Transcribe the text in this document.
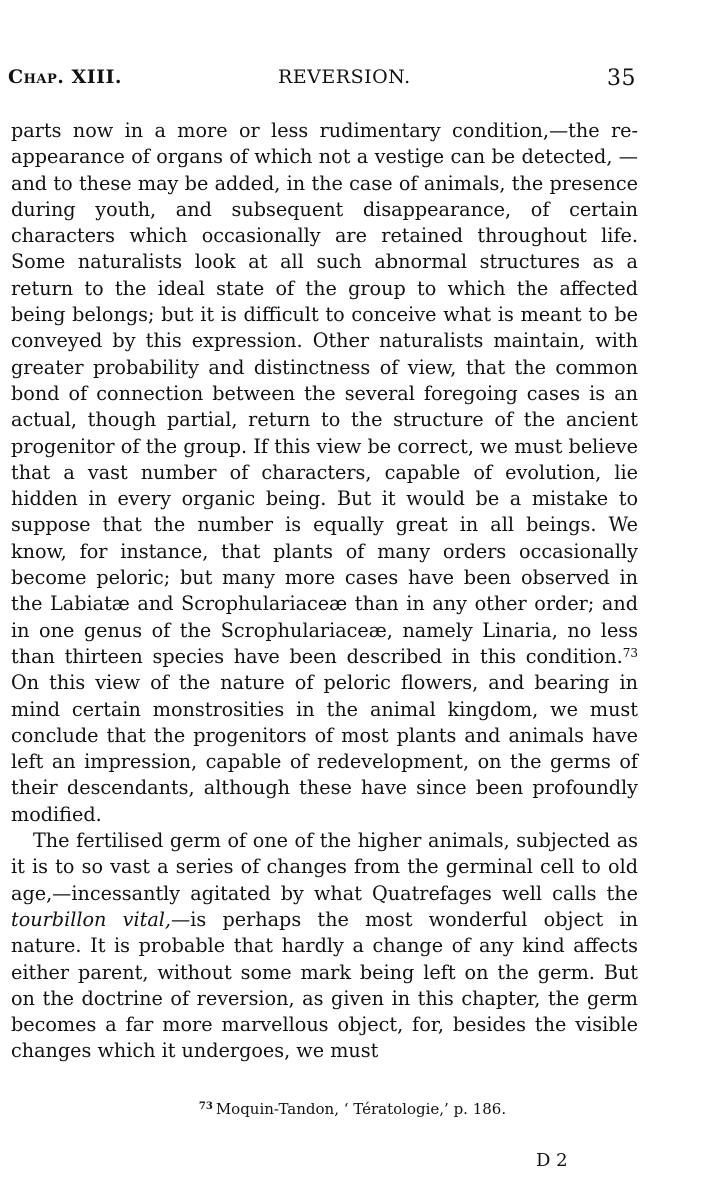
Chap. XIII.	REVERSION.	35

parts now in a more or less rudimentary condition,—the re-appearance of organs of which not a vestige can be detected, —and to these may be added, in the case of animals, the presence during youth, and subsequent disappearance, of certain characters which occasionally are retained throughout life. Some naturalists look at all such abnormal structures as a return to the ideal state of the group to which the affected being belongs; but it is difficult to conceive what is meant to be conveyed by this expression. Other naturalists maintain, with greater probability and distinctness of view, that the common bond of connection between the several foregoing cases is an actual, though partial, return to the structure of the ancient progenitor of the group. If this view be correct, we must believe that a vast number of characters, capable of evolution, lie hidden in every organic being. But it would be a mistake to suppose that the number is equally great in all beings. We know, for instance, that plants of many orders occasionally become peloric; but many more cases have been observed in the Labiatæ and Scrophulariaceæ than in any other order; and in one genus of the Scrophulariaceæ, namely Linaria, no less than thirteen species have been described in this condition.$^{73}$ On this view of the nature of peloric flowers, and bearing in mind certain monstrosities in the animal kingdom, we must conclude that the progenitors of most plants and animals have left an impression, capable of redevelopment, on the germs of their descendants, although these have since been profoundly modified.

The fertilised germ of one of the higher animals, subjected as it is to so vast a series of changes from the germinal cell to old age,—incessantly agitated by what Quatrefages well calls the tourbillon vital,—is perhaps the most wonderful object in nature. It is probable that hardly a change of any kind affects either parent, without some mark being left on the germ. But on the doctrine of reversion, as given in this chapter, the germ becomes a far more marvellous object, for, besides the visible changes which it undergoes, we must

$^{73}$ Moquin-Tandon, ‘ Tératologie,’ p. 186.
D 2
